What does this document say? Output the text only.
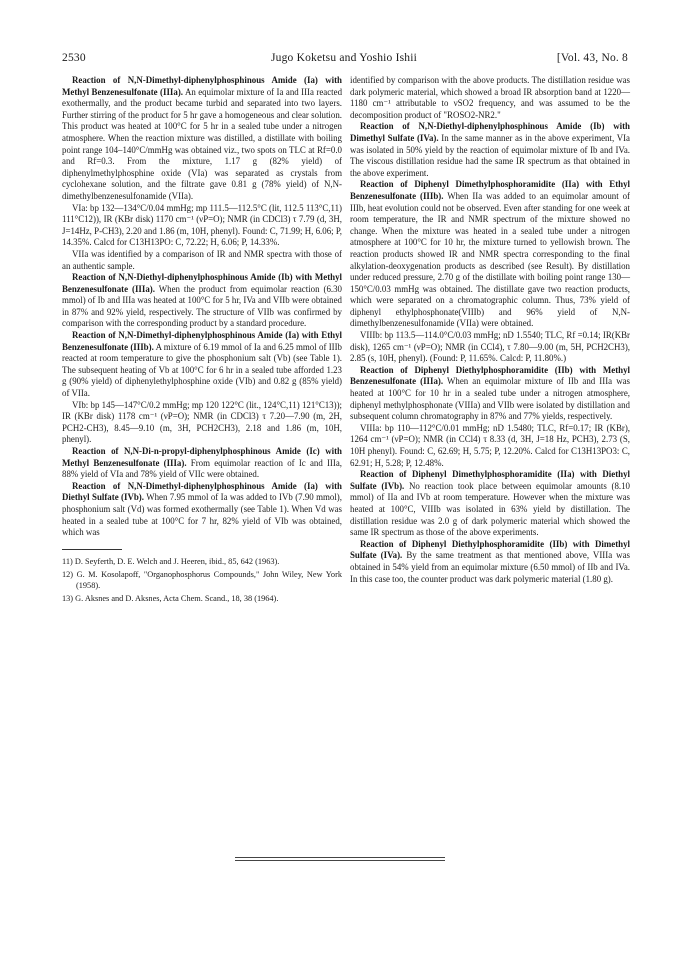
2530	Jugo Koketsu and Yoshio Ishii	[Vol. 43, No. 8

Reaction of N,N-Dimethyl-diphenylphosphinous Amide (Ia) with Methyl Benzenesulfonate (IIIa). An equimolar mixture of Ia and IIIa reacted exothermally, and the product became turbid and separated into two layers. Further stirring of the product for 5 hr gave a homogeneous and clear solution. This product was heated at 100°C for 5 hr in a sealed tube under a nitrogen atmosphere. When the reaction mixture was distilled, a distillate with boiling point range 104–140°C/mmHg was obtained viz., two spots on TLC at Rf=0.0 and Rf=0.3. From the mixture, 1.17 g (82% yield) of diphenylmethylphosphine oxide (VIa) was separated as crystals from cyclohexane solution, and the filtrate gave 0.81 g (78% yield) of N,N-dimethylbenzenesulfonamide (VIIa).

VIa: bp 132—134°C/0.04 mmHg; mp 111.5—112.5°C (lit, 112.5 113°C,11) 111°C12)), IR (KBr disk) 1170 cm⁻¹ (νP=O); NMR (in CDCl3) τ 7.79 (d, 3H, J=14Hz, P-CH3), 2.20 and 1.86 (m, 10H, phenyl). Found: C, 71.99; H, 6.06; P, 14.35%. Calcd for C13H13PO: C, 72.22; H, 6.06; P, 14.33%.

VIIa was identified by a comparison of IR and NMR spectra with those of an authentic sample.

Reaction of N,N-Diethyl-diphenylphosphinous Amide (Ib) with Methyl Benzenesulfonate (IIIa). When the product from equimolar reaction (6.30 mmol) of Ib and IIIa was heated at 100°C for 5 hr, IVa and VIIb were obtained in 87% and 92% yield, respectively. The structure of VIIb was confirmed by comparison with the corresponding product by a standard procedure.

Reaction of N,N-Dimethyl-diphenylphosphinous Amide (Ia) with Ethyl Benzenesulfonate (IIIb). A mixture of 6.19 mmol of Ia and 6.25 mmol of IIIb reacted at room temperature to give the phosphonium salt (Vb) (see Table 1). The subsequent heating of Vb at 100°C for 6 hr in a sealed tube afforded 1.23 g (90% yield) of diphenylethylphosphine oxide (VIb) and 0.82 g (85% yield) of VIIa.

VIb: bp 145—147°C/0.2 mmHg; mp 120 122°C (lit., 124°C,11) 121°C13)); IR (KBr disk) 1178 cm⁻¹ (νP=O); NMR (in CDCl3) τ 7.20—7.90 (m, 2H, PCH2-CH3), 8.45—9.10 (m, 3H, PCH2CH3), 2.18 and 1.86 (m, 10H, phenyl).

Reaction of N,N-Di-n-propyl-diphenylphosphinous Amide (Ic) with Methyl Benzenesulfonate (IIIa). From equimolar reaction of Ic and IIIa, 88% yield of VIa and 78% yield of VIIc were obtained.

Reaction of N,N-Dimethyl-diphenylphosphinous Amide (Ia) with Diethyl Sulfate (IVb). When 7.95 mmol of Ia was added to IVb (7.90 mmol), phosphonium salt (Vd) was formed exothermally (see Table 1). When Vd was heated in a sealed tube at 100°C for 7 hr, 82% yield of VIb was obtained, which was

11) D. Seyferth, D. E. Welch and J. Heeren, ibid., 85, 642 (1963).

12) G. M. Kosolapoff, "Organophosphorus Compounds," John Wiley, New York (1958).

13) G. Aksnes and D. Aksnes, Acta Chem. Scand., 18, 38 (1964).

identified by comparison with the above products. The distillation residue was dark polymeric material, which showed a broad IR absorption band at 1220—1180 cm⁻¹ attributable to νSO2 frequency, and was assumed to be the decomposition product of "ROSO2-NR2."

Reaction of N,N-Diethyl-diphenylphosphinous Amide (Ib) with Dimethyl Sulfate (IVa). In the same manner as in the above experiment, VIa was isolated in 50% yield by the reaction of equimolar mixture of Ib and IVa. The viscous distillation residue had the same IR spectrum as that obtained in the above experiment.

Reaction of Diphenyl Dimethylphosphoramidite (IIa) with Ethyl Benzenesulfonate (IIIb). When IIa was added to an equimolar amount of IIIb, heat evolution could not be observed. Even after standing for one week at room temperature, the IR and NMR spectrum of the mixture showed no change. When the mixture was heated in a sealed tube under a nitrogen atmosphere at 100°C for 10 hr, the mixture turned to yellowish brown. The reaction products showed IR and NMR spectra corresponding to the final alkylation-deoxygenation products as described (see Result). By distillation under reduced pressure, 2.70 g of the distillate with boiling point range 130—150°C/0.03 mmHg was obtained. The distillate gave two reaction products, which were separated on a chromatographic column. Thus, 73% yield of diphenyl ethylphosphonate(VIIIb) and 96% yield of N,N-dimethylbenzenesulfonamide (VIIa) were obtained.

VIIIb: bp 113.5—114.0°C/0.03 mmHg; nD 1.5540; TLC, Rf =0.14; IR(KBr disk), 1265 cm⁻¹ (νP=O); NMR (in CCl4), τ 7.80—9.00 (m, 5H, PCH2CH3), 2.85 (s, 10H, phenyl). (Found: P, 11.65%. Calcd: P, 11.80%.)

Reaction of Diphenyl Diethylphosphoramidite (IIb) with Methyl Benzenesulfonate (IIIa). When an equimolar mixture of IIb and IIIa was heated at 100°C for 10 hr in a sealed tube under a nitrogen atmosphere, diphenyl methylphosphonate (VIIIa) and VIIb were isolated by distillation and subsequent column chromatography in 87% and 77% yields, respectively.

VIIIa: bp 110—112°C/0.01 mmHg; nD 1.5480; TLC, Rf=0.17; IR (KBr), 1264 cm⁻¹ (νP=O); NMR (in CCl4) τ 8.33 (d, 3H, J=18 Hz, PCH3), 2.73 (S, 10H phenyl). Found: C, 62.69; H, 5.75; P, 12.20%. Calcd for C13H13PO3: C, 62.91; H, 5.28; P, 12.48%.

Reaction of Diphenyl Dimethylphosphoramidite (IIa) with Diethyl Sulfate (IVb). No reaction took place between equimolar amounts (8.10 mmol) of IIa and IVb at room temperature. However when the mixture was heated at 100°C, VIIIb was isolated in 63% yield by distillation. The distillation residue was 2.0 g of dark polymeric material which showed the same IR spectrum as those of the above experiments.

Reaction of Diphenyl Diethylphosphoramidite (IIb) with Dimethyl Sulfate (IVa). By the same treatment as that mentioned above, VIIIa was obtained in 54% yield from an equimolar mixture (6.50 mmol) of IIb and IVa. In this case too, the counter product was dark polymeric material (1.80 g).
